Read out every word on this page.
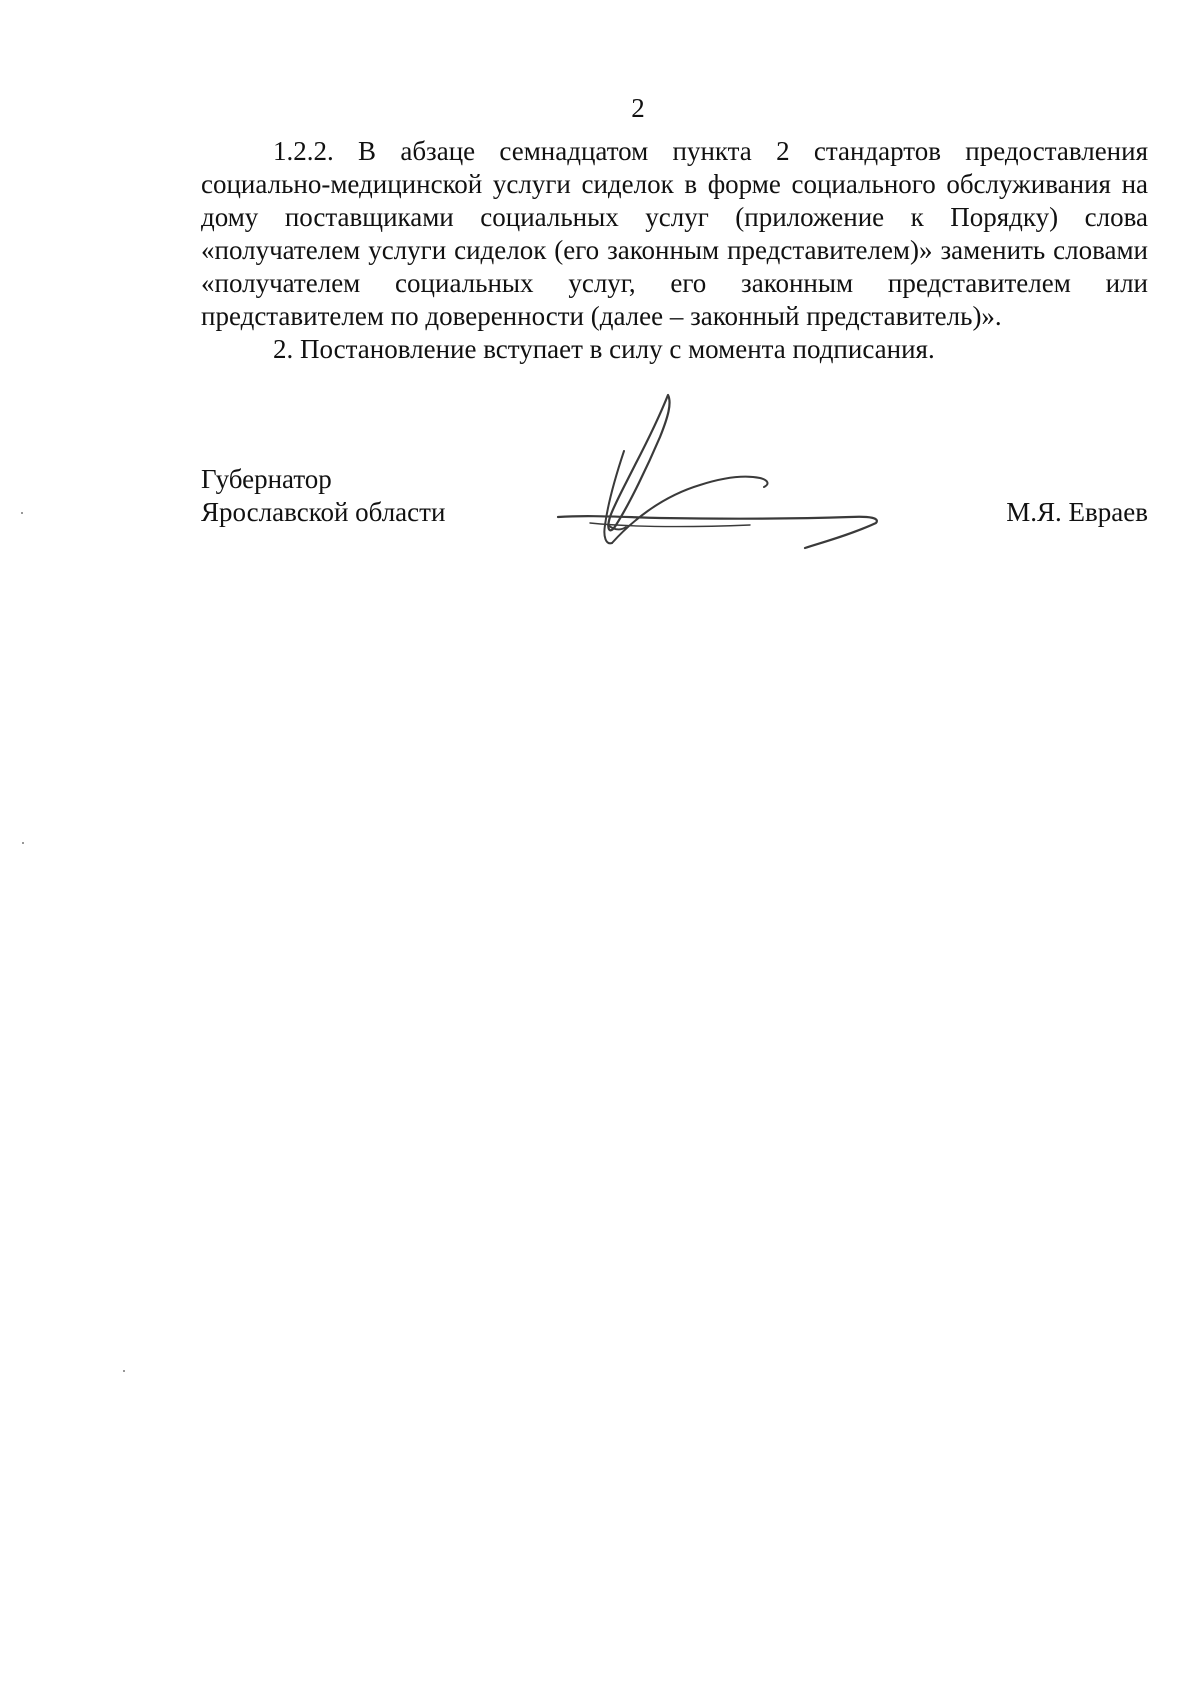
2

1.2.2. В абзаце семнадцатом пункта 2 стандартов предоставления социально-медицинской услуги сиделок в форме социального обслуживания на дому поставщиками социальных услуг (приложение к Порядку) слова «получателем услуги сиделок (его законным представителем)» заменить словами «получателем социальных услуг, его законным представителем или представителем по доверенности (далее – законный представитель)».

2. Постановление вступает в силу с момента подписания.

Губернатор
Ярославской области	М.Я. Евраев
